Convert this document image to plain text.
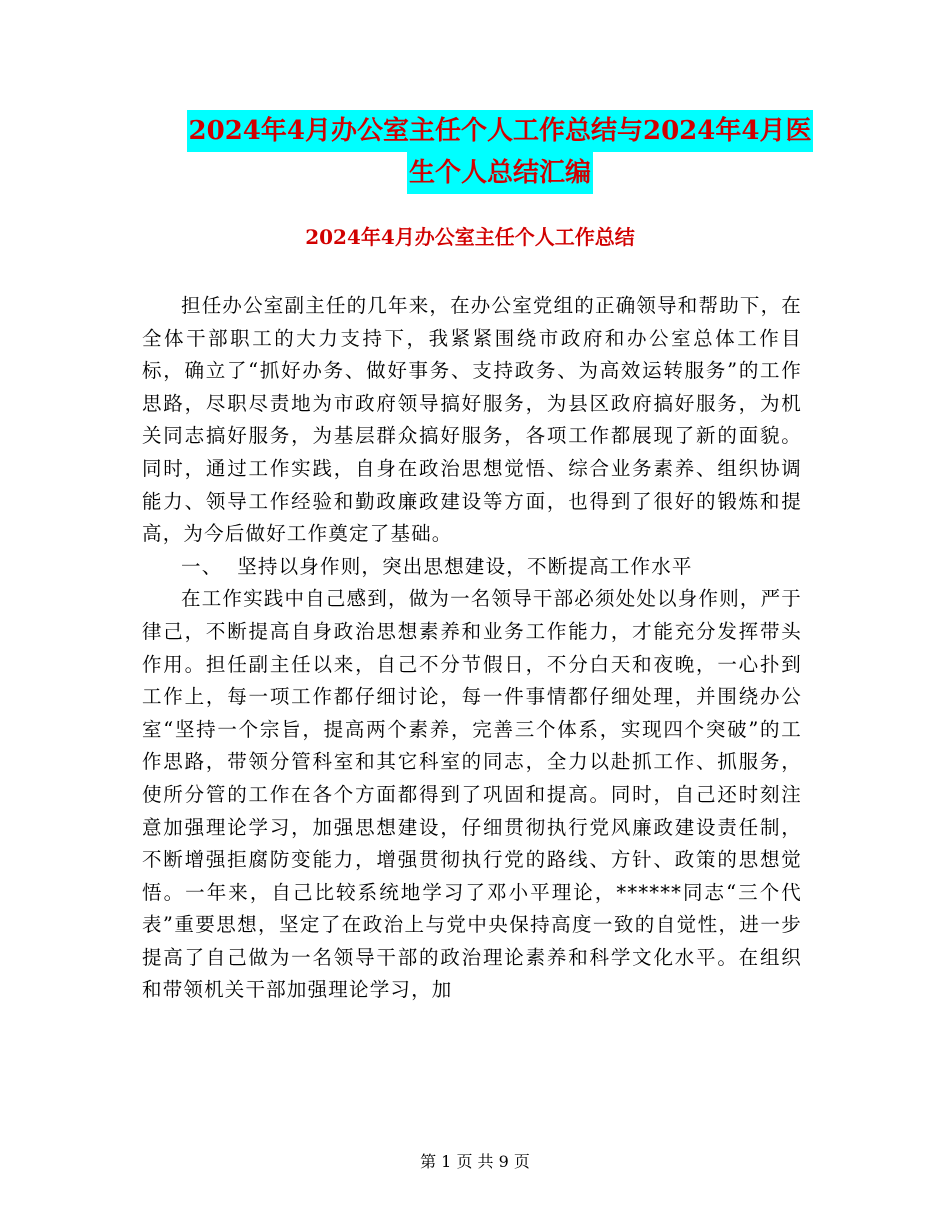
2024年4月办公室主任个人工作总结与2024年4月医
生个人总结汇编
2024年4月办公室主任个人工作总结

担任办公室副主任的几年来，在办公室党组的正确领导和帮助下，在全体干部职工的大力支持下，我紧紧围绕市政府和办公室总体工作目标，确立了“抓好办务、做好事务、支持政务、为高效运转服务”的工作思路，尽职尽责地为市政府领导搞好服务，为县区政府搞好服务，为机关同志搞好服务，为基层群众搞好服务，各项工作都展现了新的面貌。同时，通过工作实践，自身在政治思想觉悟、综合业务素养、组织协调能力、领导工作经验和勤政廉政建设等方面，也得到了很好的锻炼和提高，为今后做好工作奠定了基础。

一、  坚持以身作则，突出思想建设，不断提高工作水平

在工作实践中自己感到，做为一名领导干部必须处处以身作则，严于律己，不断提高自身政治思想素养和业务工作能力，才能充分发挥带头作用。担任副主任以来，自己不分节假日，不分白天和夜晚，一心扑到工作上，每一项工作都仔细讨论，每一件事情都仔细处理，并围绕办公室“坚持一个宗旨，提高两个素养，完善三个体系，实现四个突破”的工作思路，带领分管科室和其它科室的同志，全力以赴抓工作、抓服务，使所分管的工作在各个方面都得到了巩固和提高。同时，自己还时刻注意加强理论学习，加强思想建设，仔细贯彻执行党风廉政建设责任制，不断增强拒腐防变能力，增强贯彻执行党的路线、方针、政策的思想觉悟。一年来，自己比较系统地学习了邓小平理论，******同志“三个代表”重要思想，坚定了在政治上与党中央保持高度一致的自觉性，进一步提高了自己做为一名领导干部的政治理论素养和科学文化水平。在组织和带领机关干部加强理论学习，加

第 1 页 共 9 页
